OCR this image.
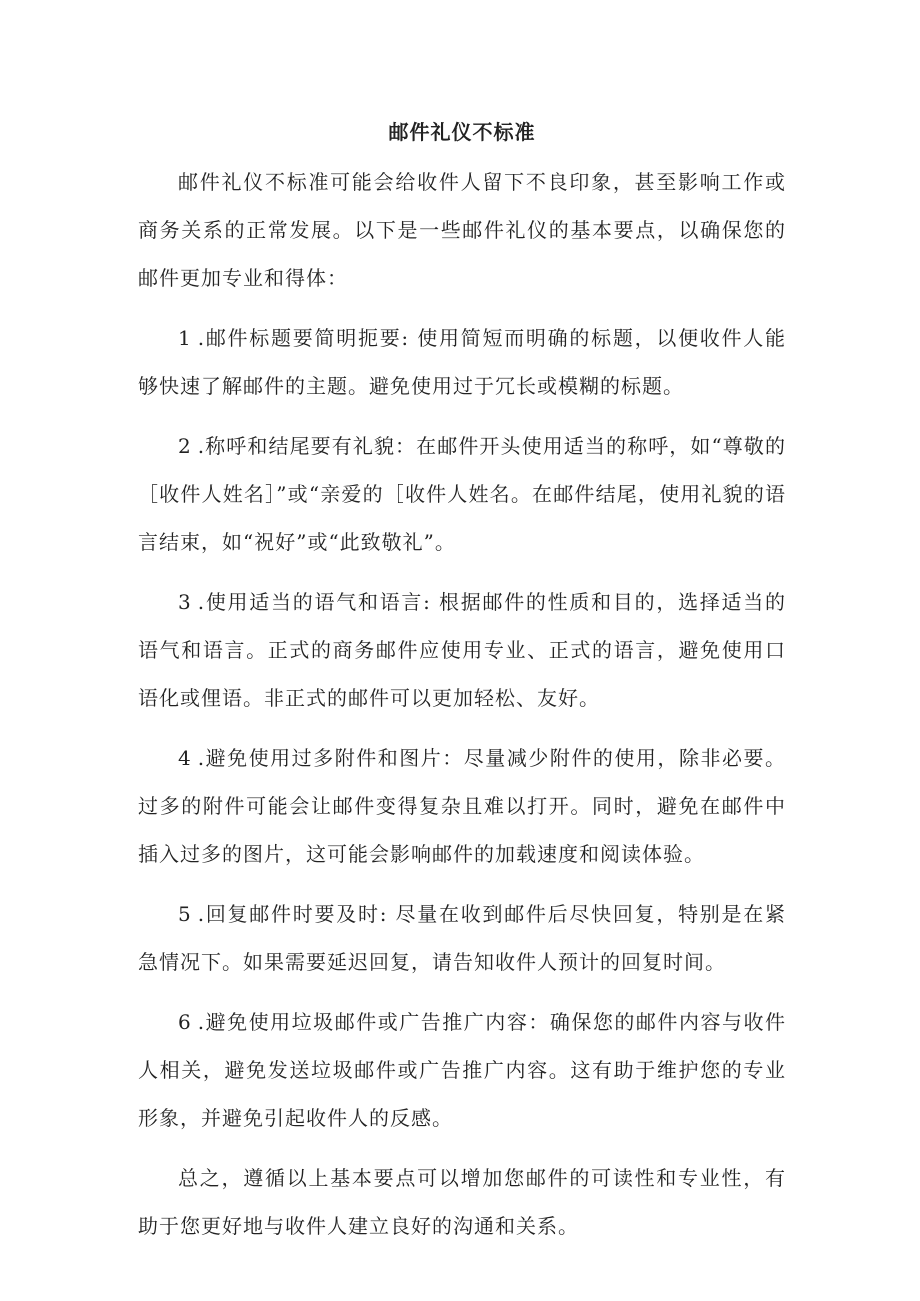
邮件礼仪不标准

邮件礼仪不标准可能会给收件人留下不良印象，甚至影响工作或商务关系的正常发展。以下是一些邮件礼仪的基本要点，以确保您的邮件更加专业和得体：

1 .邮件标题要简明扼要: 使用简短而明确的标题，以便收件人能够快速了解邮件的主题。避免使用过于冗长或模糊的标题。

2 .称呼和结尾要有礼貌：在邮件开头使用适当的称呼，如“尊敬的［收件人姓名］”或“亲爱的［收件人姓名。在邮件结尾，使用礼貌的语言结束，如“祝好”或“此致敬礼”。

3 .使用适当的语气和语言: 根据邮件的性质和目的，选择适当的语气和语言。正式的商务邮件应使用专业、正式的语言，避免使用口语化或俚语。非正式的邮件可以更加轻松、友好。

4 .避免使用过多附件和图片：尽量减少附件的使用，除非必要。过多的附件可能会让邮件变得复杂且难以打开。同时，避免在邮件中插入过多的图片，这可能会影响邮件的加载速度和阅读体验。

5 .回复邮件时要及时: 尽量在收到邮件后尽快回复，特别是在紧急情况下。如果需要延迟回复，请告知收件人预计的回复时间。

6 .避免使用垃圾邮件或广告推广内容：确保您的邮件内容与收件人相关，避免发送垃圾邮件或广告推广内容。这有助于维护您的专业形象，并避免引起收件人的反感。

总之，遵循以上基本要点可以增加您邮件的可读性和专业性，有助于您更好地与收件人建立良好的沟通和关系。
